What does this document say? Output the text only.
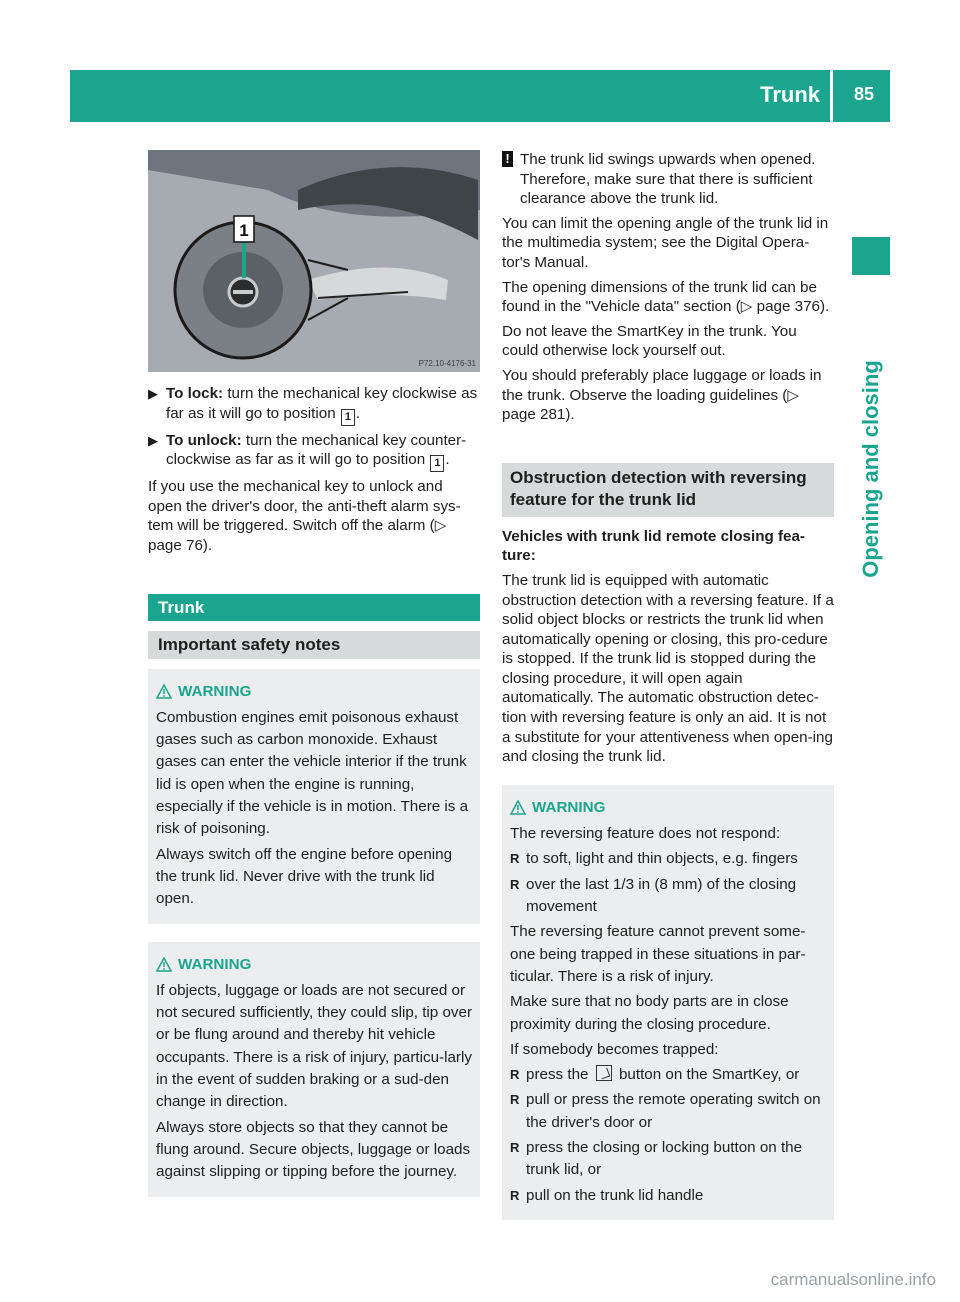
Trunk 85
Opening and closing
1
P72.10-4176-31
▶ To lock: turn the mechanical key clockwise as far as it will go to position 1 .
▶ To unlock: turn the mechanical key counter-clockwise as far as it will go to position 1 .

If you use the mechanical key to unlock and open the driver's door, the anti-theft alarm sys-tem will be triggered. Switch off the alarm (▷ page 76).

Trunk
Important safety notes
WARNING

Combustion engines emit poisonous exhaust gases such as carbon monoxide. Exhaust gases can enter the vehicle interior if the trunk lid is open when the engine is running, especially if the vehicle is in motion. There is a risk of poisoning.

Always switch off the engine before opening the trunk lid. Never drive with the trunk lid open.

WARNING

If objects, luggage or loads are not secured or not secured sufficiently, they could slip, tip over or be flung around and thereby hit vehicle occupants. There is a risk of injury, particu-larly in the event of sudden braking or a sud-den change in direction.

Always store objects so that they cannot be flung around. Secure objects, luggage or loads against slipping or tipping before the journey.

! The trunk lid swings upwards when opened. Therefore, make sure that there is sufficient clearance above the trunk lid.

You can limit the opening angle of the trunk lid in the multimedia system; see the Digital Opera-tor's Manual.

The opening dimensions of the trunk lid can be found in the "Vehicle data" section (▷ page 376).

Do not leave the SmartKey in the trunk. You could otherwise lock yourself out.

You should preferably place luggage or loads in the trunk. Observe the loading guidelines (▷ page 281).

Obstruction detection with reversing feature for the trunk lid

Vehicles with trunk lid remote closing fea-ture:

The trunk lid is equipped with automatic obstruction detection with a reversing feature. If a solid object blocks or restricts the trunk lid when automatically opening or closing, this pro-cedure is stopped. If the trunk lid is stopped during the closing procedure, it will open again automatically. The automatic obstruction detec-tion with reversing feature is only an aid. It is not a substitute for your attentiveness when open-ing and closing the trunk lid.

WARNING

The reversing feature does not respond:

R to soft, light and thin objects, e.g. fingers
R over the last 1/3 in (8 mm) of the closing movement

The reversing feature cannot prevent some-one being trapped in these situations in par-ticular. There is a risk of injury.

Make sure that no body parts are in close proximity during the closing procedure.

If somebody becomes trapped:

R press the button on the SmartKey, or
R pull or press the remote operating switch on the driver's door or
R press the closing or locking button on the trunk lid, or
R pull on the trunk lid handle
carmanualsonline.info
